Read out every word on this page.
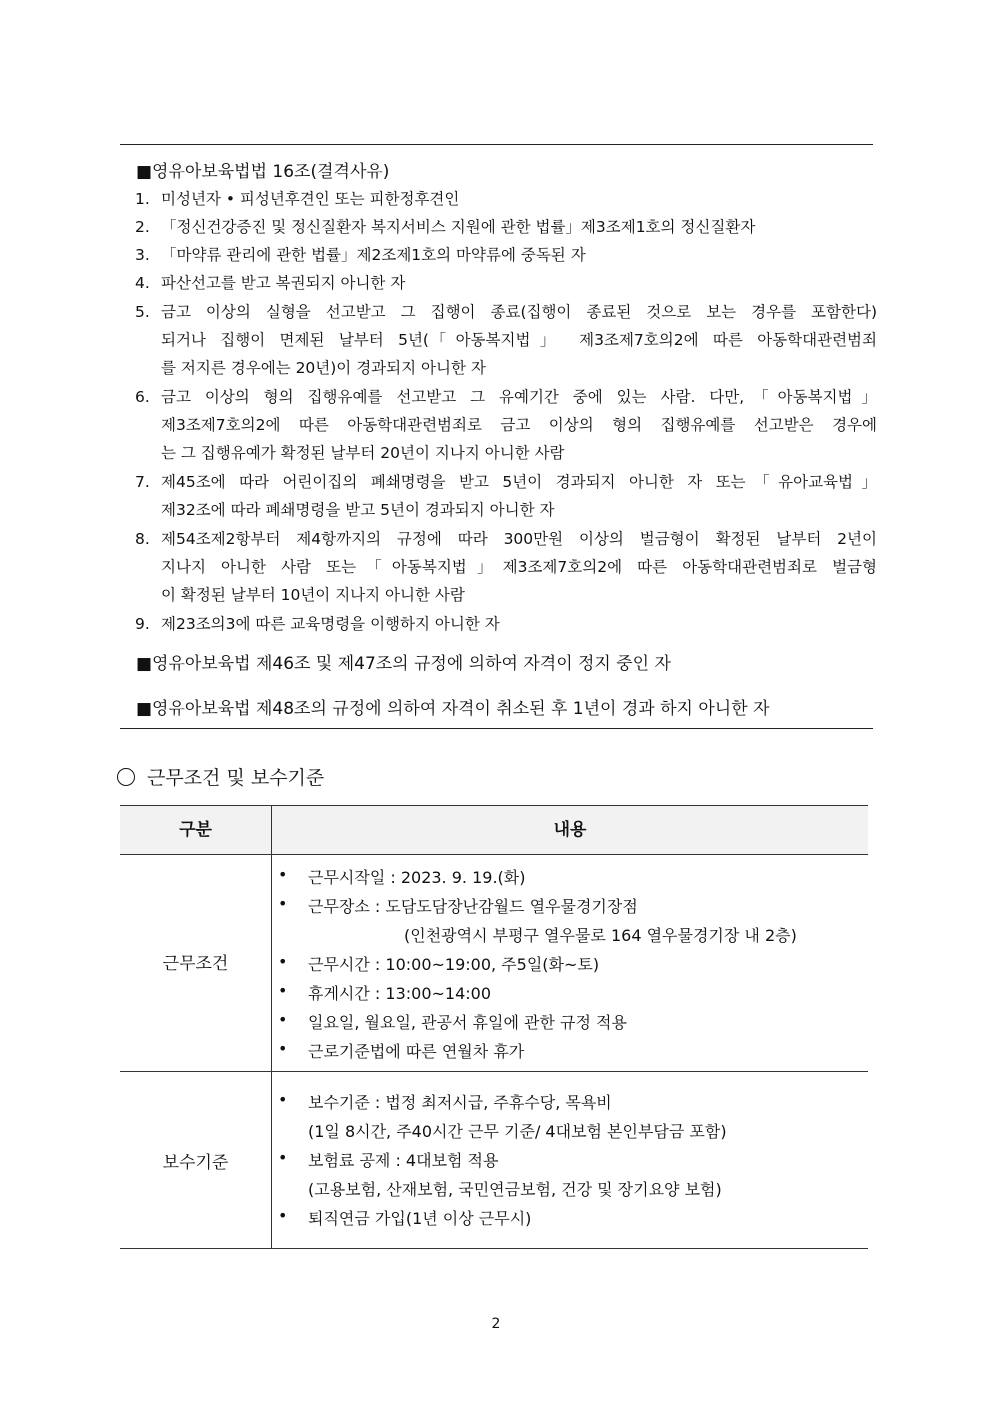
■영유아보육법법 16조(결격사유)
1. 미성년자 • 피성년후견인 또는 피한정후견인
2. 「정신건강증진 및 정신질환자 복지서비스 지원에 관한 법률」제3조제1호의 정신질환자
3. 「마약류 관리에 관한 법률」제2조제1호의 마약류에 중독된 자
4. 파산선고를 받고 복권되지 아니한 자
5. 금고 이상의 실형을 선고받고 그 집행이 종료(집행이 종료된 것으로 보는 경우를 포함한다)
되거나 집행이 면제된 날부터 5년(「아동복지법」 제3조제7호의2에 따른 아동학대관련범죄
를 저지른 경우에는 20년)이 경과되지 아니한 자
6. 금고 이상의 형의 집행유예를 선고받고 그 유예기간 중에 있는 사람. 다만,「아동복지법」
제3조제7호의2에 따른 아동학대관련범죄로 금고 이상의 형의 집행유예를 선고받은 경우에
는 그 집행유예가 확정된 날부터 20년이 지나지 아니한 사람
7. 제45조에 따라 어린이집의 폐쇄명령을 받고 5년이 경과되지 아니한 자 또는「유아교육법」
제32조에 따라 폐쇄명령을 받고 5년이 경과되지 아니한 자
8. 제54조제2항부터 제4항까지의 규정에 따라 300만원 이상의 벌금형이 확정된 날부터 2년이
지나지 아니한 사람 또는「아동복지법」제3조제7호의2에 따른 아동학대관련범죄로 벌금형
이 확정된 날부터 10년이 지나지 아니한 사람
9. 제23조의3에 따른 교육명령을 이행하지 아니한 자
■영유아보육법 제46조 및 제47조의 규정에 의하여 자격이 정지 중인 자
■영유아보육법 제48조의 규정에 의하여 자격이 취소된 후 1년이 경과 하지 아니한 자
근무조건 및 보수기준
구분	내용
근무조건
• 근무시작일 : 2023. 9. 19.(화)
• 근무장소 : 도담도담장난감월드 열우물경기장점
(인천광역시 부평구 열우물로 164 열우물경기장 내 2층)
• 근무시간 : 10:00~19:00, 주5일(화~토)
• 휴게시간 : 13:00~14:00
• 일요일, 월요일, 관공서 휴일에 관한 규정 적용
• 근로기준법에 따른 연월차 휴가
보수기준
• 보수기준 : 법정 최저시급, 주휴수당, 목욕비
(1일 8시간, 주40시간 근무 기준/ 4대보험 본인부담금 포함)
• 보험료 공제 : 4대보험 적용
(고용보험, 산재보험, 국민연금보험, 건강 및 장기요양 보험)
• 퇴직연금 가입(1년 이상 근무시)
2
